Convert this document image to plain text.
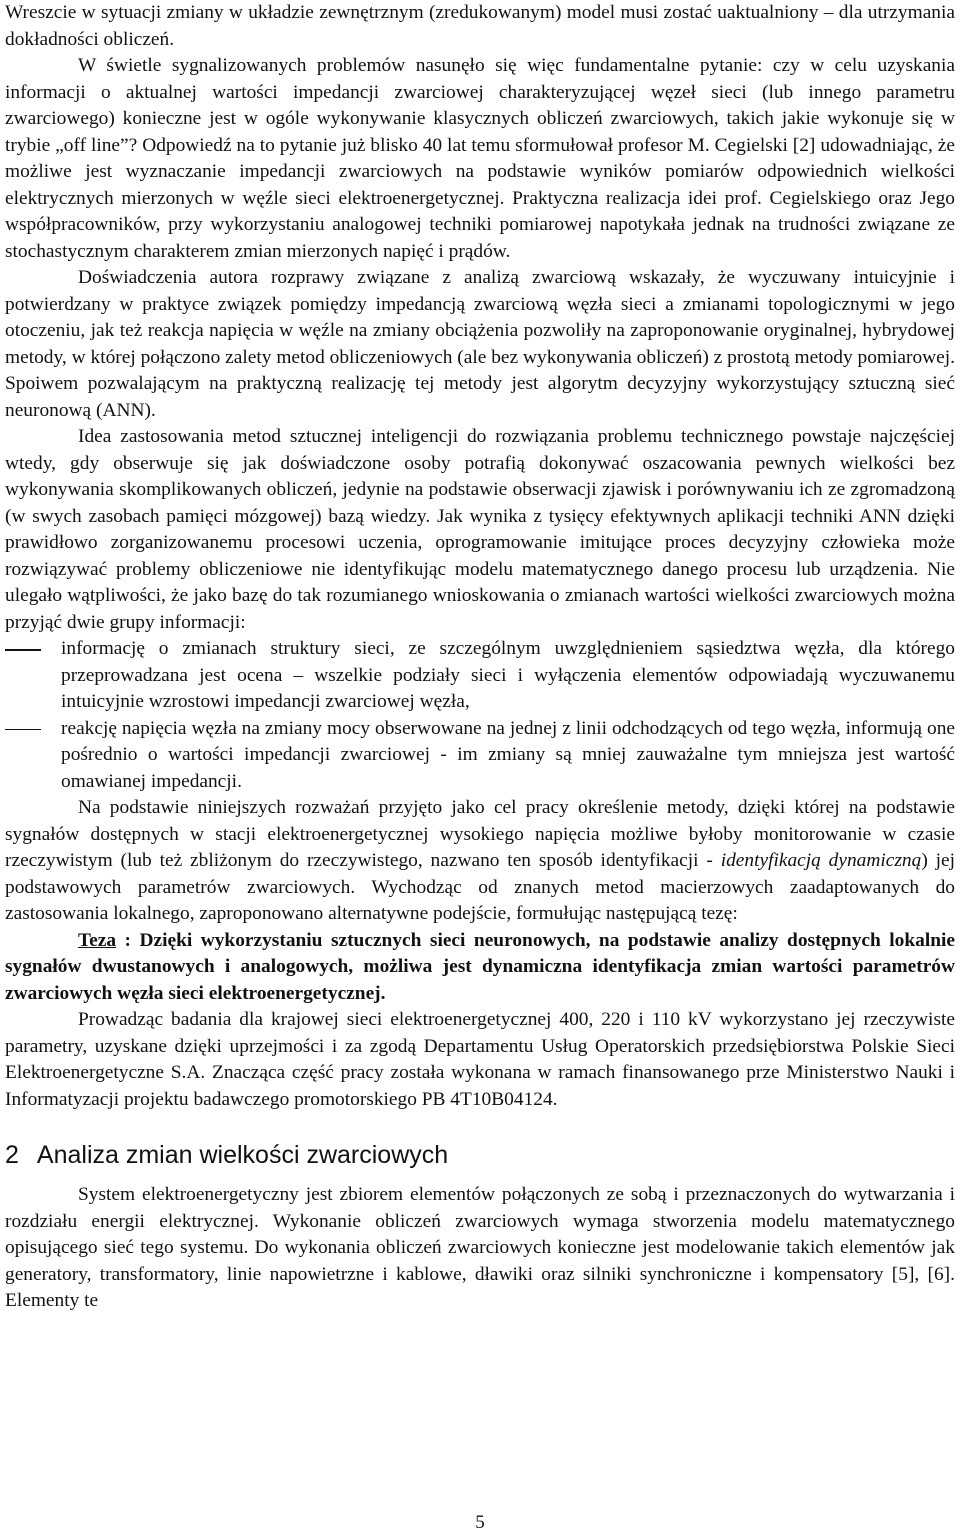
Wreszcie w sytuacji zmiany w układzie zewnętrznym (zredukowanym) model musi zostać uaktualniony – dla utrzymania dokładności obliczeń.

W świetle sygnalizowanych problemów nasunęło się więc fundamentalne pytanie: czy w celu uzyskania informacji o aktualnej wartości impedancji zwarciowej charakteryzującej węzeł sieci (lub innego parametru zwarciowego) konieczne jest w ogóle wykonywanie klasycznych obliczeń zwarciowych, takich jakie wykonuje się w trybie „off line”? Odpowiedź na to pytanie już blisko 40 lat temu sformułował profesor M. Cegielski [2] udowadniając, że możliwe jest wyznaczanie impedancji zwarciowych na podstawie wyników pomiarów odpowiednich wielkości elektrycznych mierzonych w węźle sieci elektroenergetycznej. Praktyczna realizacja idei prof. Cegielskiego oraz Jego współpracowników, przy wykorzystaniu analogowej techniki pomiarowej napotykała jednak na trudności związane ze stochastycznym charakterem zmian mierzonych napięć i prądów.

Doświadczenia autora rozprawy związane z analizą zwarciową wskazały, że wyczuwany intuicyjnie i potwierdzany w praktyce związek pomiędzy impedancją zwarciową węzła sieci a zmianami topologicznymi w jego otoczeniu, jak też reakcja napięcia w węźle na zmiany obciążenia pozwoliły na zaproponowanie oryginalnej, hybrydowej metody, w której połączono zalety metod obliczeniowych (ale bez wykonywania obliczeń) z prostotą metody pomiarowej. Spoiwem pozwalającym na praktyczną realizację tej metody jest algorytm decyzyjny wykorzystujący sztuczną sieć neuronową (ANN).

Idea zastosowania metod sztucznej inteligencji do rozwiązania problemu technicznego powstaje najczęściej wtedy, gdy obserwuje się jak doświadczone osoby potrafią dokonywać oszacowania pewnych wielkości bez wykonywania skomplikowanych obliczeń, jedynie na podstawie obserwacji zjawisk i porównywaniu ich ze zgromadzoną (w swych zasobach pamięci mózgowej) bazą wiedzy. Jak wynika z tysięcy efektywnych aplikacji techniki ANN dzięki prawidłowo zorganizowanemu procesowi uczenia, oprogramowanie imitujące proces decyzyjny człowieka może rozwiązywać problemy obliczeniowe nie identyfikując modelu matematycznego danego procesu lub urządzenia. Nie ulegało wątpliwości, że jako bazę do tak rozumianego wnioskowania o zmianach wartości wielkości zwarciowych można przyjąć dwie grupy informacji:

informację o zmianach struktury sieci, ze szczególnym uwzględnieniem sąsiedztwa węzła, dla którego przeprowadzana jest ocena – wszelkie podziały sieci i wyłączenia elementów odpowiadają wyczuwanemu intuicyjnie wzrostowi impedancji zwarciowej węzła,
reakcję napięcia węzła na zmiany mocy obserwowane na jednej z linii odchodzących od tego węzła, informują one pośrednio o wartości impedancji zwarciowej - im zmiany są mniej zauważalne tym mniejsza jest wartość omawianej impedancji.

Na podstawie niniejszych rozważań przyjęto jako cel pracy określenie metody, dzięki której na podstawie sygnałów dostępnych w stacji elektroenergetycznej wysokiego napięcia możliwe byłoby monitorowanie w czasie rzeczywistym (lub też zbliżonym do rzeczywistego, nazwano ten sposób identyfikacji - identyfikacją dynamiczną) jej podstawowych parametrów zwarciowych. Wychodząc od znanych metod macierzowych zaadaptowanych do zastosowania lokalnego, zaproponowano alternatywne podejście, formułując następującą tezę:

Teza : Dzięki wykorzystaniu sztucznych sieci neuronowych, na podstawie analizy dostępnych lokalnie sygnałów dwustanowych i analogowych, możliwa jest dynamiczna identyfikacja zmian wartości parametrów zwarciowych węzła sieci elektroenergetycznej.

Prowadząc badania dla krajowej sieci elektroenergetycznej 400, 220 i 110 kV wykorzystano jej rzeczywiste parametry, uzyskane dzięki uprzejmości i za zgodą Departamentu Usług Operatorskich przedsiębiorstwa Polskie Sieci Elektroenergetyczne S.A. Znacząca część pracy została wykonana w ramach finansowanego prze Ministerstwo Nauki i Informatyzacji projektu badawczego promotorskiego PB 4T10B04124.

2 Analiza zmian wielkości zwarciowych

System elektroenergetyczny jest zbiorem elementów połączonych ze sobą i przeznaczonych do wytwarzania i rozdziału energii elektrycznej. Wykonanie obliczeń zwarciowych wymaga stworzenia modelu matematycznego opisującego sieć tego systemu. Do wykonania obliczeń zwarciowych konieczne jest modelowanie takich elementów jak generatory, transformatory, linie napowietrzne i kablowe, dławiki oraz silniki synchroniczne i kompensatory [5], [6]. Elementy te

5
